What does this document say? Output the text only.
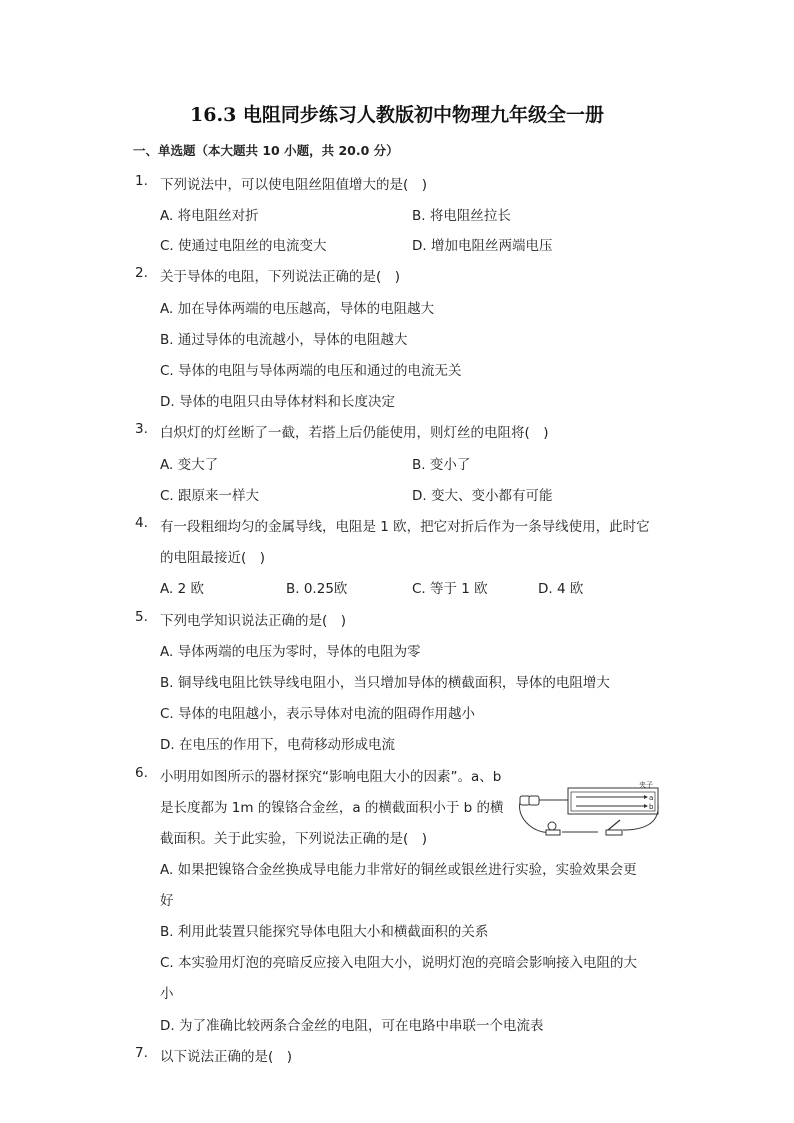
16.3 电阻同步练习人教版初中物理九年级全一册
一、单选题（本大题共 10 小题，共 20.0 分）
1. 下列说法中，可以使电阻丝阻值增大的是(　)
A. 将电阻丝对折	B. 将电阻丝拉长
C. 使通过电阻丝的电流变大	D. 增加电阻丝两端电压
2. 关于导体的电阻，下列说法正确的是(　)
A. 加在导体两端的电压越高，导体的电阻越大
B. 通过导体的电流越小，导体的电阻越大
C. 导体的电阻与导体两端的电压和通过的电流无关
D. 导体的电阻只由导体材料和长度决定
3. 白炽灯的灯丝断了一截，若搭上后仍能使用，则灯丝的电阻将(　)
A. 变大了	B. 变小了
C. 跟原来一样大	D. 变大、变小都有可能
4. 有一段粗细均匀的金属导线，电阻是 1 欧，把它对折后作为一条导线使用，此时它
的电阻最接近(　)
A. 2 欧	B. 0.25欧	C. 等于 1 欧	D. 4 欧
5. 下列电学知识说法正确的是(　)
A. 导体两端的电压为零时，导体的电阻为零
B. 铜导线电阻比铁导线电阻小，当只增加导体的横截面积，导体的电阻增大
C. 导体的电阻越小，表示导体对电流的阻碍作用越小
D. 在电压的作用下，电荷移动形成电流
6. 小明用如图所示的器材探究“影响电阻大小的因素”。a、b
是长度都为 1m 的镍铬合金丝，a 的横截面积小于 b 的横
截面积。关于此实验，下列说法正确的是(　)
A. 如果把镍铬合金丝换成导电能力非常好的铜丝或银丝进行实验，实验效果会更
好
B. 利用此装置只能探究导体电阻大小和横截面积的关系
C. 本实验用灯泡的亮暗反应接入电阻大小，说明灯泡的亮暗会影响接入电阻的大
小
D. 为了准确比较两条合金丝的电阻，可在电路中串联一个电流表
7. 以下说法正确的是(　)
a
b
夹子
